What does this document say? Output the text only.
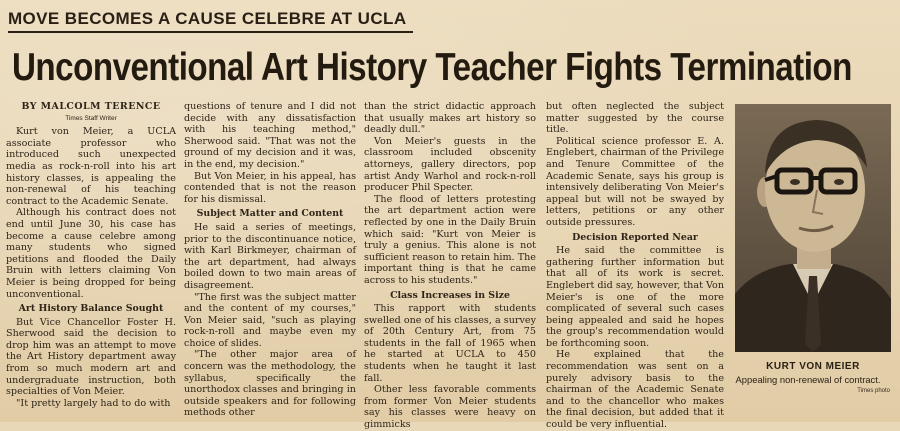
MOVE BECOMES A CAUSE CELEBRE AT UCLA
Unconventional Art History Teacher Fights Termination
BY MALCOLM TERENCE
Times Staff Writer

Kurt von Meier, a UCLA associate professor who introduced such unexpected media as rock-n-roll into his art history classes, is appealing the non-renewal of his teaching contract to the Academic Senate.

Although his contract does not end until June 30, his case has become a cause celebre among many students who signed petitions and flooded the Daily Bruin with letters claiming Von Meier is being dropped for being unconventional.

Art History Balance Sought

But Vice Chancellor Foster H. Sherwood said the decision to drop him was an attempt to move the Art History department away from so much modern art and undergraduate instruction, both specialties of Von Meier.

"It pretty largely had to do with

questions of tenure and I did not decide with any dissatisfaction with his teaching method," Sherwood said. "That was not the ground of my decision and it was, in the end, my decision."

But Von Meier, in his appeal, has contended that is not the reason for his dismissal.

Subject Matter and Content

He said a series of meetings, prior to the discontinuance notice, with Karl Birkmeyer, chairman of the art department, had always boiled down to two main areas of disagreement.

"The first was the subject matter and the content of my courses," Von Meier said, "such as playing rock-n-roll and maybe even my choice of slides.

"The other major area of concern was the methodology, the syllabus, specifically the unorthodox classes and bringing in outside speakers and for following methods other

than the strict didactic approach that usually makes art history so deadly dull."

Von Meier's guests in the classroom included obscenity attorneys, gallery directors, pop artist Andy Warhol and rock-n-roll producer Phil Specter.

The flood of letters protesting the art department action were reflected by one in the Daily Bruin which said: "Kurt von Meier is truly a genius. This alone is not sufficient reason to retain him. The important thing is that he came across to his students."

Class Increases in Size

This rapport with students swelled one of his classes, a survey of 20th Century Art, from 75 students in the fall of 1965 when he started at UCLA to 450 students when he taught it last fall.

Other less favorable comments from former Von Meier students say his classes were heavy on gimmicks

but often neglected the subject matter suggested by the course title.

Political science professor E. A. Englebert, chairman of the Privilege and Tenure Committee of the Academic Senate, says his group is intensively deliberating Von Meier's appeal but will not be swayed by letters, petitions or any other outside pressures.

Decision Reported Near

He said the committee is gathering further information but that all of its work is secret. Englebert did say, however, that Von Meier's is one of the more complicated of several such cases being appealed and said he hopes the group's recommendation would be forthcoming soon.

He explained that the recommendation was sent on a purely advisory basis to the chairman of the Academic Senate and to the chancellor who makes the final decision, but added that it could be very influential.

KURT VON MEIER
Appealing non-renewal of contract.
Times photo
